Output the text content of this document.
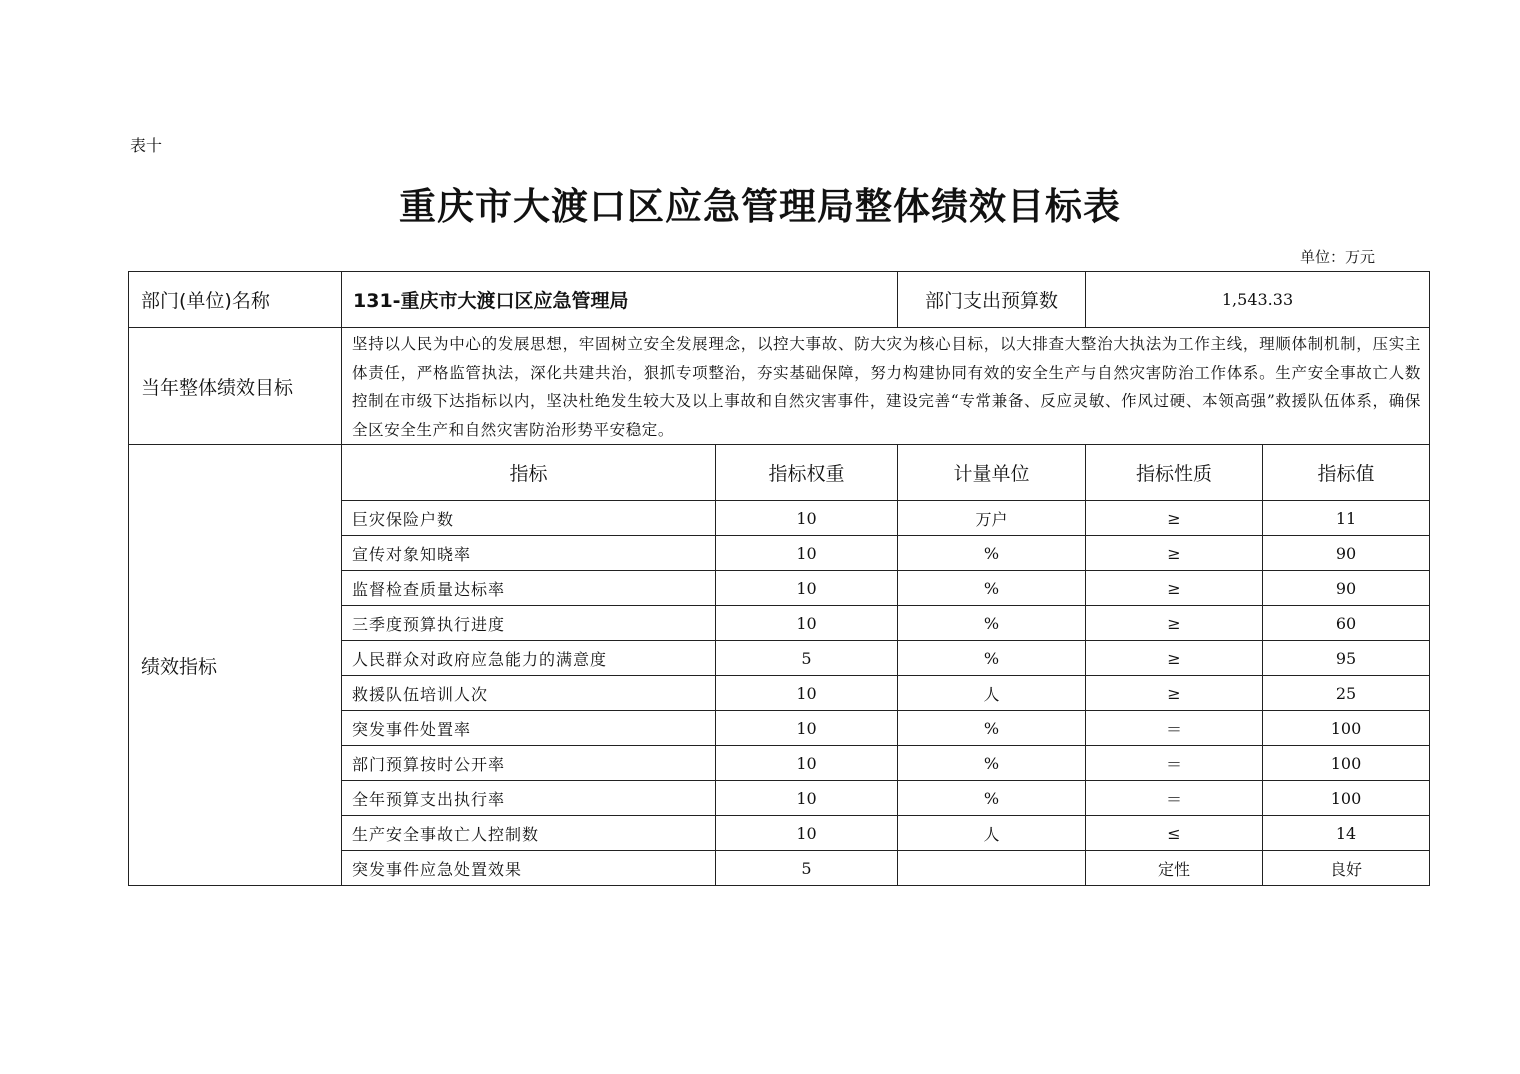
表十
重庆市大渡口区应急管理局整体绩效目标表
单位：万元
部门(单位)名称	131-重庆市大渡口区应急管理局		部门支出预算数	1,543.33	
当年整体绩效目标	坚持以人民为中心的发展思想，牢固树立安全发展理念，以控大事故、防大灾为核心目标，以大排查大整治大执法为工作主线，理顺体制机制，压实主体责任，严格监管执法，深化共建共治，狠抓专项整治，夯实基础保障，努力构建协同有效的安全生产与自然灾害防治工作体系。生产安全事故亡人数控制在市级下达指标以内，坚决杜绝发生较大及以上事故和自然灾害事件，建设完善“专常兼备、反应灵敏、作风过硬、本领高强”救援队伍体系，确保全区安全生产和自然灾害防治形势平安稳定。				
绩效指标	指标	指标权重	计量单位	指标性质	指标值
	巨灾保险户数	10	万户	≥	11
	宣传对象知晓率	10	%	≥	90
	监督检查质量达标率	10	%	≥	90
	三季度预算执行进度	10	%	≥	60
	人民群众对政府应急能力的满意度	5	%	≥	95
	救援队伍培训人次	10	人	≥	25
	突发事件处置率	10	%	＝	100
	部门预算按时公开率	10	%	＝	100
	全年预算支出执行率	10	%	＝	100
	生产安全事故亡人控制数	10	人	≤	14
	突发事件应急处置效果	5		定性	良好
